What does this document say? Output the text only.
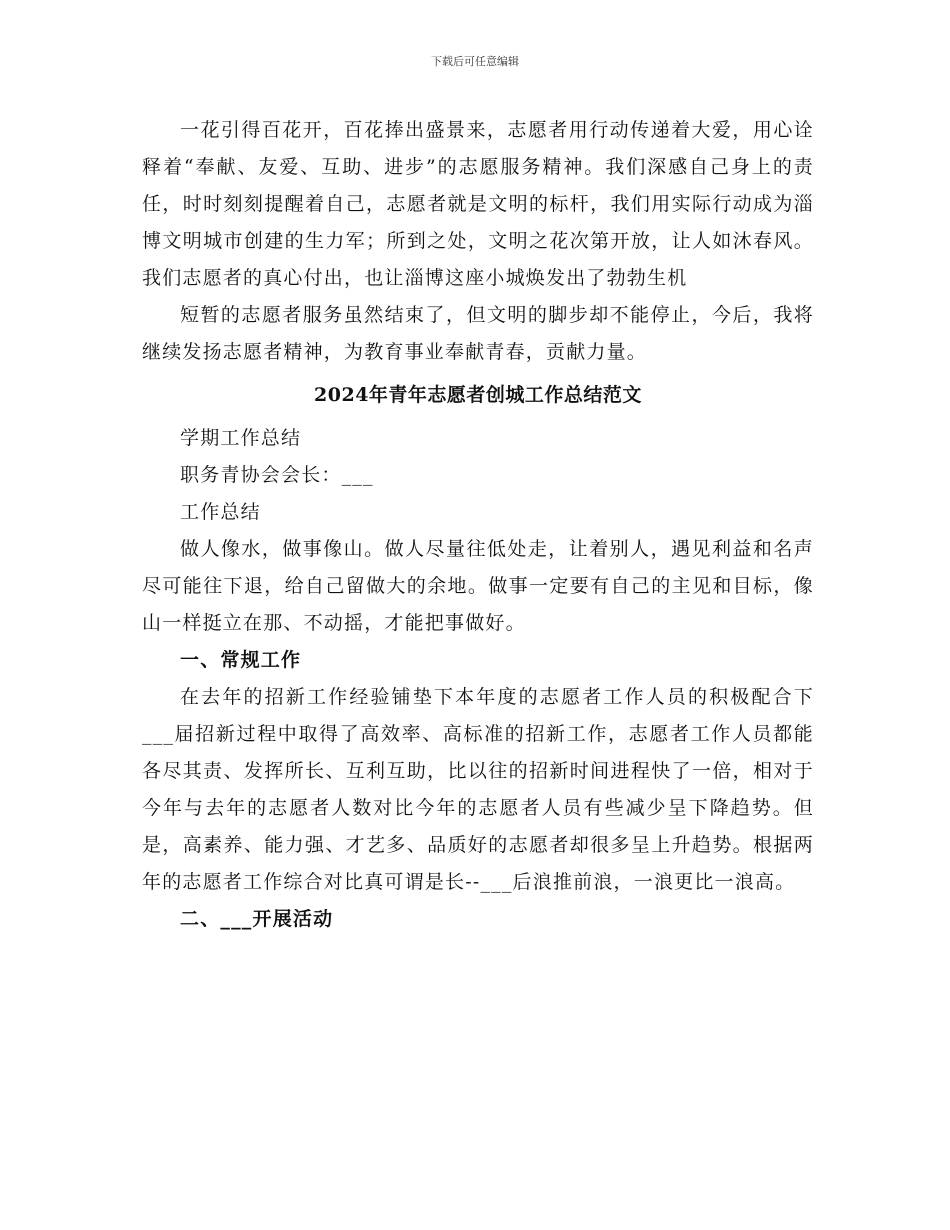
下载后可任意编辑

一花引得百花开，百花捧出盛景来，志愿者用行动传递着大爱，用心诠释着“奉献、友爱、互助、进步”的志愿服务精神。我们深感自己身上的责任，时时刻刻提醒着自己，志愿者就是文明的标杆，我们用实际行动成为淄博文明城市创建的生力军；所到之处，文明之花次第开放，让人如沐春风。我们志愿者的真心付出，也让淄博这座小城焕发出了勃勃生机

短暂的志愿者服务虽然结束了，但文明的脚步却不能停止，今后，我将继续发扬志愿者精神，为教育事业奉献青春，贡献力量。

2024年青年志愿者创城工作总结范文

学期工作总结

职务青协会会长：___

工作总结

做人像水，做事像山。做人尽量往低处走，让着别人，遇见利益和名声尽可能往下退，给自己留做大的余地。做事一定要有自己的主见和目标，像山一样挺立在那、不动摇，才能把事做好。

一、常规工作

在去年的招新工作经验铺垫下本年度的志愿者工作人员的积极配合下___届招新过程中取得了高效率、高标准的招新工作，志愿者工作人员都能各尽其责、发挥所长、互利互助，比以往的招新时间进程快了一倍，相对于今年与去年的志愿者人数对比今年的志愿者人员有些减少呈下降趋势。但是，高素养、能力强、才艺多、品质好的志愿者却很多呈上升趋势。根据两年的志愿者工作综合对比真可谓是长--___后浪推前浪，一浪更比一浪高。

二、___开展活动
